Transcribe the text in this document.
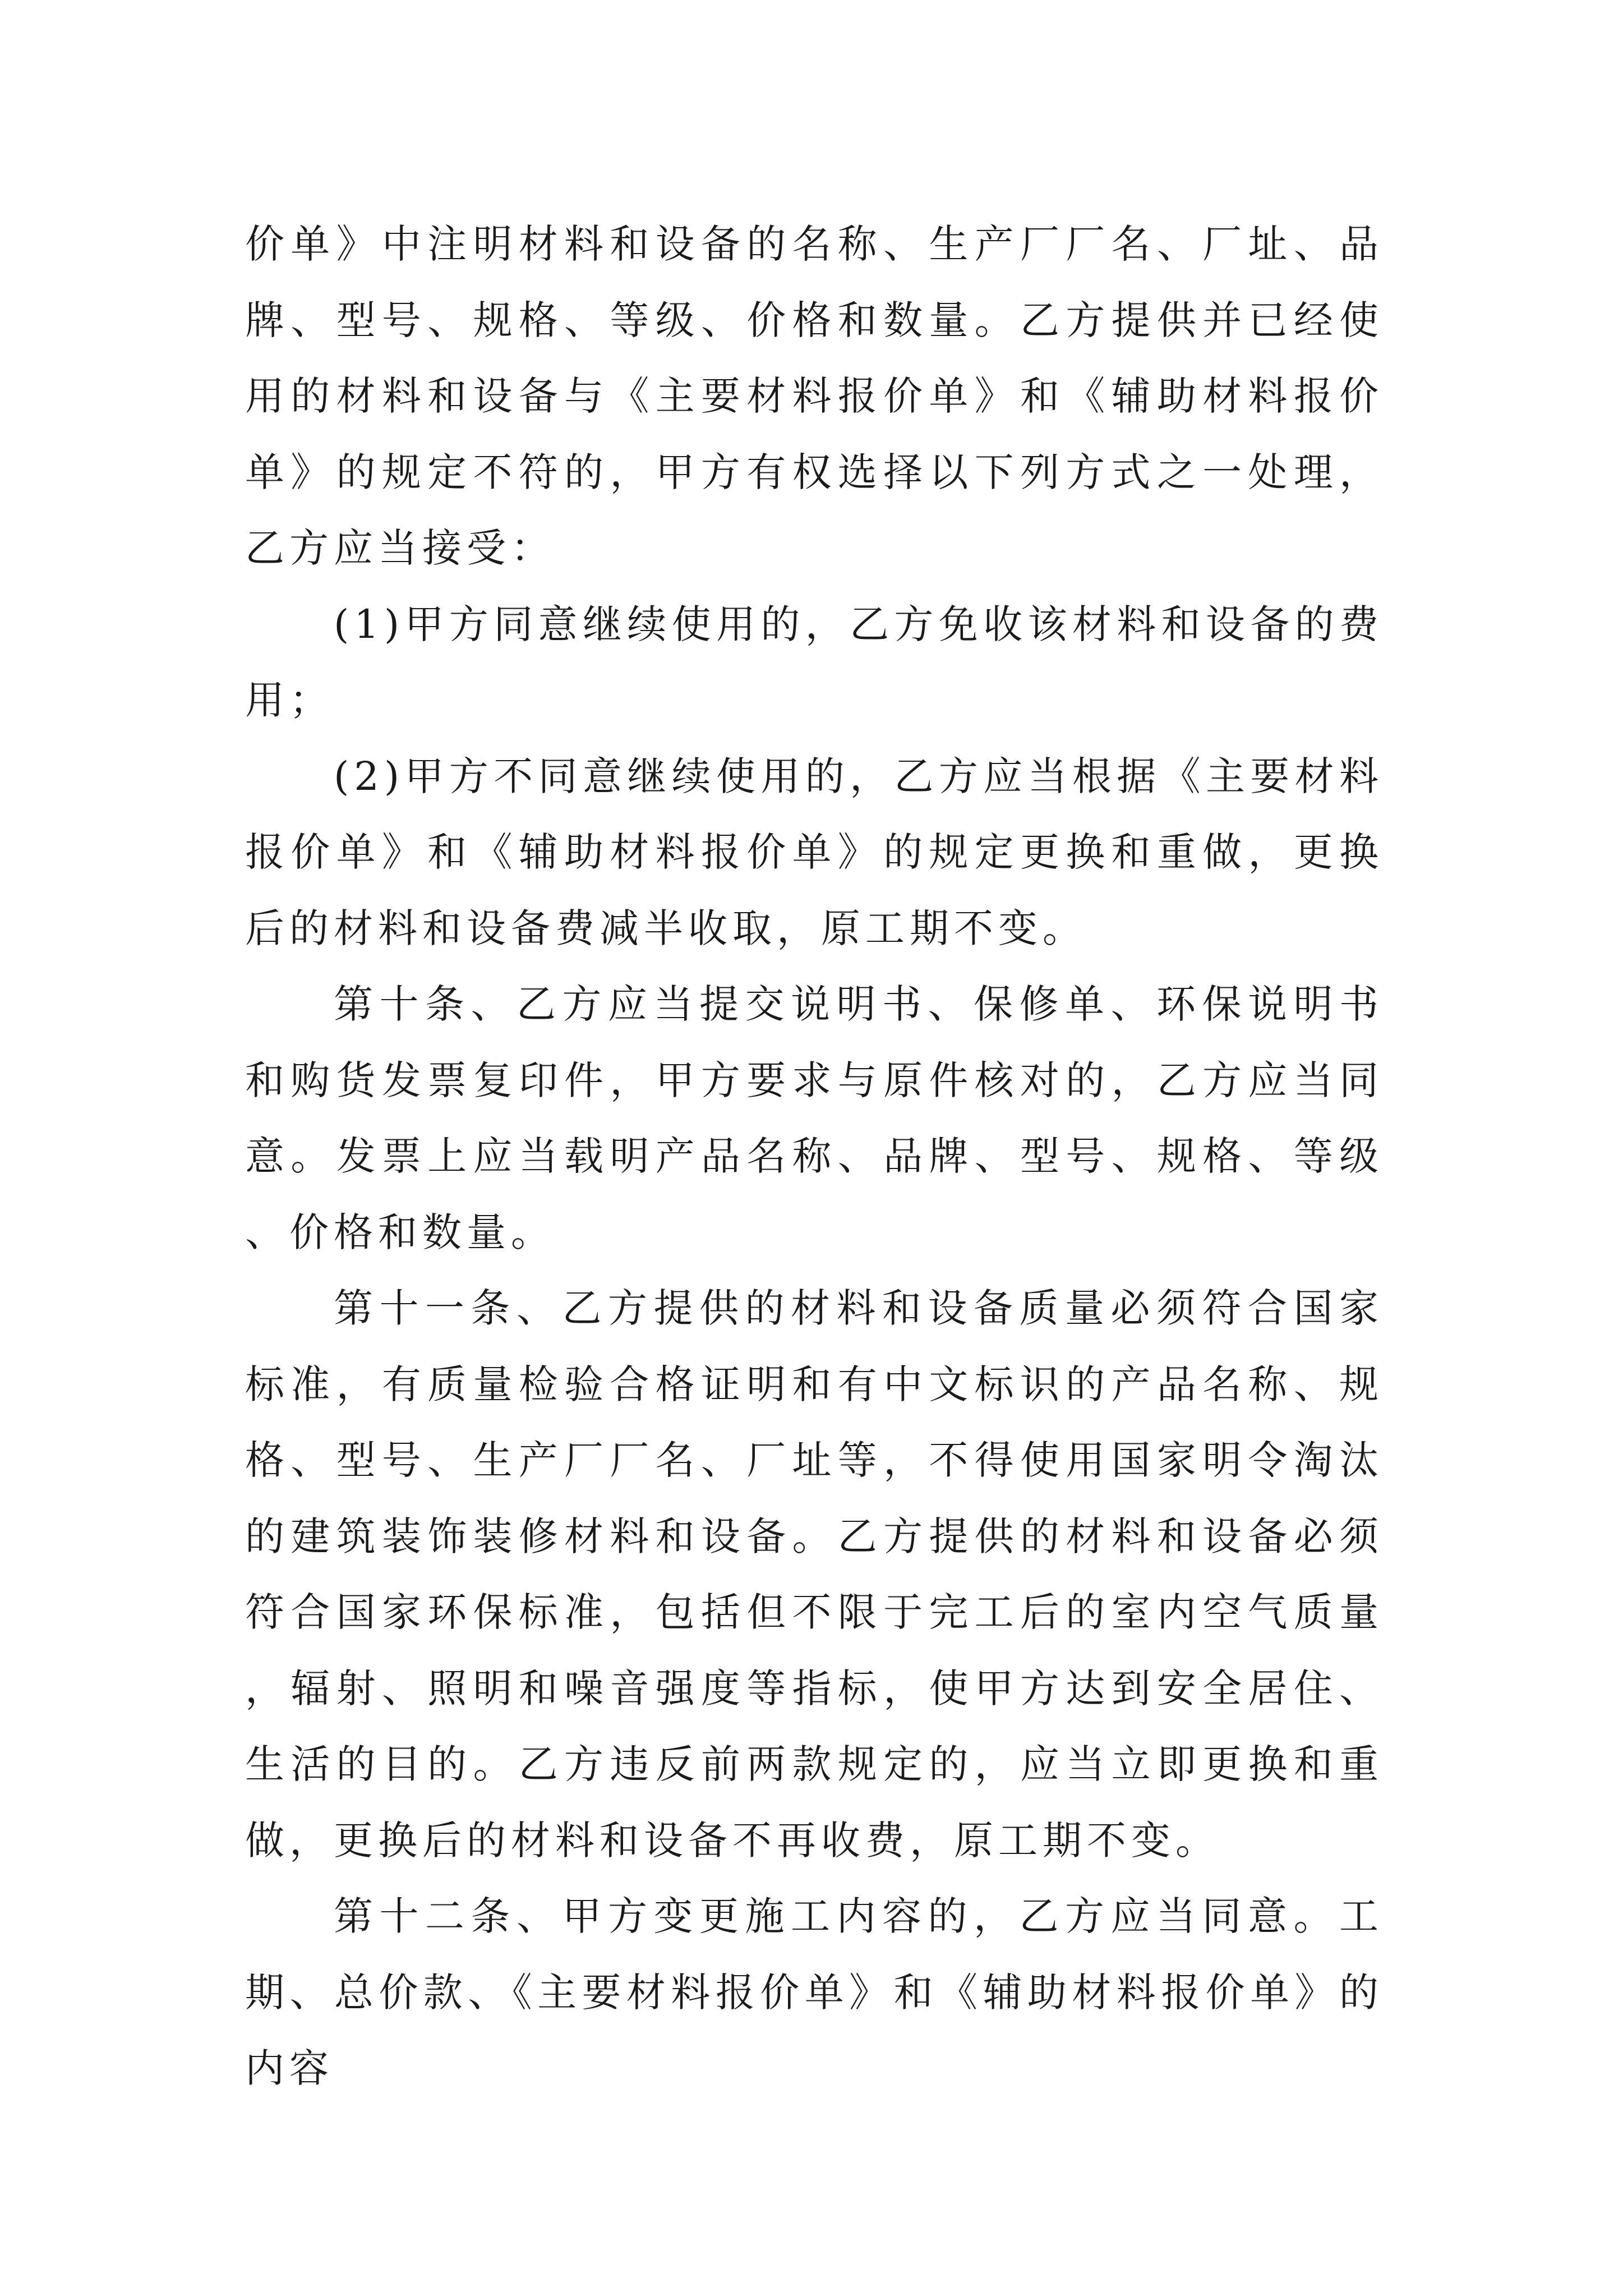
价单》中注明材料和设备的名称、生产厂厂名、厂址、品牌、型号、规格、等级、价格和数量。乙方提供并已经使用的材料和设备与《主要材料报价单》和《辅助材料报价单》的规定不符的，甲方有权选择以下列方式之一处理，乙方应当接受：

(1)甲方同意继续使用的，乙方免收该材料和设备的费用；

(2)甲方不同意继续使用的，乙方应当根据《主要材料报价单》和《辅助材料报价单》的规定更换和重做，更换后的材料和设备费减半收取，原工期不变。

第十条、乙方应当提交说明书、保修单、环保说明书和购货发票复印件，甲方要求与原件核对的，乙方应当同意。发票上应当载明产品名称、品牌、型号、规格、等级、价格和数量。

第十一条、乙方提供的材料和设备质量必须符合国家标准，有质量检验合格证明和有中文标识的产品名称、规格、型号、生产厂厂名、厂址等，不得使用国家明令淘汰的建筑装饰装修材料和设备。乙方提供的材料和设备必须符合国家环保标准，包括但不限于完工后的室内空气质量，辐射、照明和噪音强度等指标，使甲方达到安全居住、生活的目的。乙方违反前两款规定的，应当立即更换和重做，更换后的材料和设备不再收费，原工期不变。

第十二条、甲方变更施工内容的，乙方应当同意。工期、总价款、《主要材料报价单》和《辅助材料报价单》的内容
